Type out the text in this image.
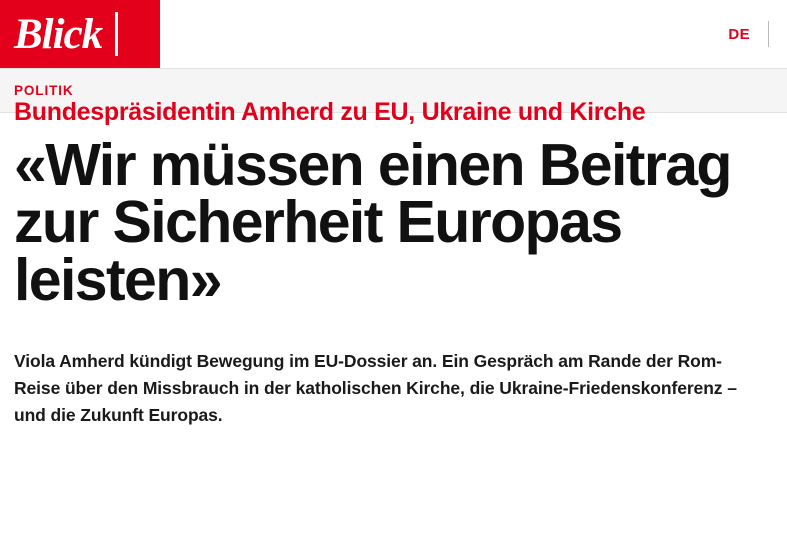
Blick	DE
POLITIK
Bundespräsidentin Amherd zu EU, Ukraine und Kirche
«Wir müssen einen Beitrag zur Sicherheit Europas leisten»

Viola Amherd kündigt Bewegung im EU-Dossier an. Ein Gespräch am Rande der Rom-Reise über den Missbrauch in der katholischen Kirche, die Ukraine-Friedenskonferenz – und die Zukunft Europas.
